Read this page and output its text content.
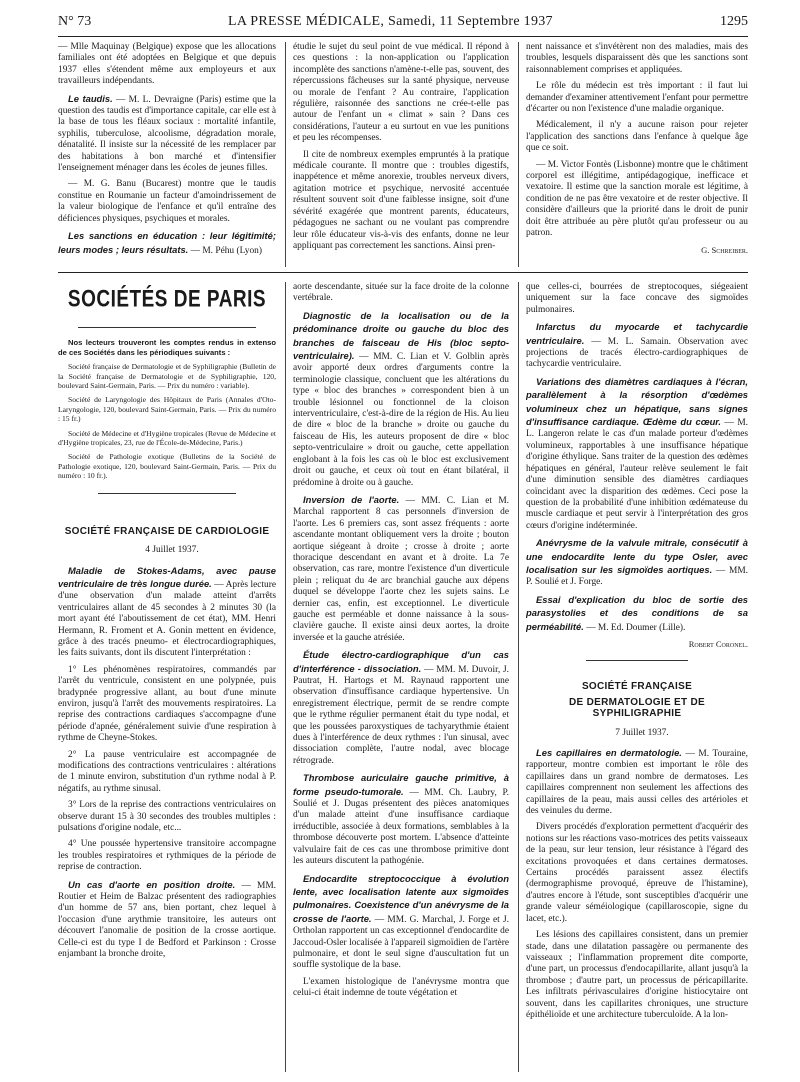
N° 73	LA PRESSE MÉDICALE, Samedi, 11 Septembre 1937	1295

— Mlle Maquinay (Belgique) expose que les allocations familiales ont été adoptées en Belgique et que depuis 1937 elles s'étendent même aux employeurs et aux travailleurs indépendants.

Le taudis. — M. L. Devraigne (Paris) estime que la question des taudis est d'importance capitale, car elle est à la base de tous les fléaux sociaux : mortalité infantile, syphilis, tuberculose, alcoolisme, dégradation morale, dénatalité. Il insiste sur la nécessité de les remplacer par des habitations à bon marché et d'intensifier l'enseignement ménager dans les écoles de jeunes filles.

— M. G. Banu (Bucarest) montre que le taudis constitue en Roumanie un facteur d'amoindrissement de la valeur biologique de l'enfance et qu'il entraîne des déficiences physiques, psychiques et morales.

Les sanctions en éducation : leur légitimité; leurs modes ; leurs résultats. — M. Péhu (Lyon)

étudie le sujet du seul point de vue médical. Il répond à ces questions : la non-application ou l'application incomplète des sanctions n'amène-t-elle pas, souvent, des répercussions fâcheuses sur la santé physique, nerveuse ou morale de l'enfant ? Au contraire, l'application régulière, raisonnée des sanctions ne crée-t-elle pas autour de l'enfant un « climat » sain ? Dans ces considérations, l'auteur a eu surtout en vue les punitions et peu les récompenses.

Il cite de nombreux exemples empruntés à la pratique médicale courante. Il montre que : troubles digestifs, inappétence et même anorexie, troubles nerveux divers, agitation motrice et psychique, nervosité accentuée résultent souvent soit d'une faiblesse insigne, soit d'une sévérité exagérée que montrent parents, éducateurs, pédagogues ne sachant ou ne voulant pas comprendre leur rôle éducateur vis-à-vis des enfants, donne ne leur appliquant pas correctement les sanctions. Ainsi pren-

nent naissance et s'invétèrent non des maladies, mais des troubles, lesquels disparaissent dès que les sanctions sont raisonnablement comprises et appliquées.

Le rôle du médecin est très important : il faut lui demander d'examiner attentivement l'enfant pour permettre d'écarter ou non l'existence d'une maladie organique.

Médicalement, il n'y a aucune raison pour rejeter l'application des sanctions dans l'enfance à quelque âge que ce soit.

— M. Victor Fontès (Lisbonne) montre que le châtiment corporel est illégitime, antipédagogique, inefficace et vexatoire. Il estime que la sanction morale est légitime, à condition de ne pas être vexatoire et de rester objective. Il considère d'ailleurs que la priorité dans le droit de punir doit être attribuée au père plutôt qu'au professeur ou au patron.

G. Schreiber.

SOCIÉTÉS DE PARIS

Nos lecteurs trouveront les comptes rendus in extenso de ces Sociétés dans les périodiques suivants :

Société française de Dermatologie et de Syphiligraphie (Bulletin de la Société française de Dermatologie et de Syphiligraphie, 120, boulevard Saint-Germain, Paris. — Prix du numéro : variable).

Société de Laryngologie des Hôpitaux de Paris (Annales d'Oto-Laryngologie, 120, boulevard Saint-Germain, Paris. — Prix du numéro : 15 fr.)

Société de Médecine et d'Hygiène tropicales (Revue de Médecine et d'Hygiène tropicales, 23, rue de l'École-de-Médecine, Paris.)

Société de Pathologie exotique (Bulletins de la Société de Pathologie exotique, 120, boulevard Saint-Germain, Paris. — Prix du numéro : 10 fr.).

SOCIÉTÉ FRANÇAISE DE CARDIOLOGIE

4 Juillet 1937.

Maladie de Stokes-Adams, avec pause ventriculaire de très longue durée. — Après lecture d'une observation d'un malade atteint d'arrêts ventriculaires allant de 45 secondes à 2 minutes 30 (la mort ayant été l'aboutissement de cet état), MM. Henri Hermann, R. Froment et A. Gonin mettent en évidence, grâce à des tracés pneumo- et électrocardiographiques, les faits suivants, dont ils discutent l'interprétation :

1° Les phénomènes respiratoires, commandés par l'arrêt du ventricule, consistent en une polypnée, puis bradypnée progressive allant, au bout d'une minute environ, jusqu'à l'arrêt des mouvements respiratoires. La reprise des contractions cardiaques s'accompagne d'une période d'apnée, généralement suivie d'une respiration à rythme de Cheyne-Stokes.

2° La pause ventriculaire est accompagnée de modifications des contractions ventriculaires : altérations de 1 minute environ, substitution d'un rythme nodal à P. négatifs, au rythme sinusal.

3° Lors de la reprise des contractions ventriculaires on observe durant 15 à 30 secondes des troubles multiples : pulsations d'origine nodale, etc...

4° Une poussée hypertensive transitoire accompagne les troubles respiratoires et rythmiques de la période de reprise de contraction.

Un cas d'aorte en position droite. — MM. Routier et Heim de Balzac présentent des radiographies d'un homme de 57 ans, bien portant, chez lequel à l'occasion d'une arythmie transitoire, les auteurs ont découvert l'anomalie de position de la crosse aortique. Celle-ci est du type I de Bedford et Parkinson : Crosse enjambant la bronche droite,

aorte descendante, située sur la face droite de la colonne vertébrale.

Diagnostic de la localisation ou de la prédominance droite ou gauche du bloc des branches de faisceau de His (bloc septo-ventriculaire). — MM. C. Lian et V. Golblin après avoir apporté deux ordres d'arguments contre la terminologie classique, concluent que les altérations du type « bloc des branches » correspondent bien à un trouble lésionnel ou fonctionnel de la cloison interventriculaire, c'est-à-dire de la région de His. Au lieu de dire « bloc de la branche » droite ou gauche du faisceau de His, les auteurs proposent de dire « bloc septo-ventriculaire » droit ou gauche, cette appellation englobant à la fois les cas où le bloc est exclusivement droit ou gauche, et ceux où tout en étant bilatéral, il prédomine à droite ou à gauche.

Inversion de l'aorte. — MM. C. Lian et M. Marchal rapportent 8 cas personnels d'inversion de l'aorte. Les 6 premiers cas, sont assez fréquents : aorte ascendante montant obliquement vers la droite ; bouton aortique siégeant à droite ; crosse à droite ; aorte thoracique descendant en avant et à droite. La 7e observation, cas rare, montre l'existence d'un diverticule plein ; reliquat du 4e arc branchial gauche aux dépens duquel se développe l'aorte chez les sujets sains. Le dernier cas, enfin, est exceptionnel. Le diverticule gauche est perméable et donne naissance à la sous-clavière gauche. Il existe ainsi deux aortes, la droite inversée et la gauche atrésiée.

Étude électro-cardiographique d'un cas d'interférence - dissociation. — MM. M. Duvoir, J. Pautrat, H. Hartogs et M. Raynaud rapportent une observation d'insuffisance cardiaque hypertensive. Un enregistrement électrique, permit de se rendre compte que le rythme régulier permanent était du type nodal, et que les poussées paroxystiques de tachyarythmie étaient dues à l'interférence de deux rythmes : l'un sinusal, avec dissociation complète, l'autre nodal, avec blocage rétrograde.

Thrombose auriculaire gauche primitive, à forme pseudo-tumorale. — MM. Ch. Laubry, P. Soulié et J. Dugas présentent des pièces anatomiques d'un malade atteint d'une insuffisance cardiaque irréductible, associée à deux formations, semblables à la thrombose découverte post mortem. L'absence d'atteinte valvulaire fait de ces cas une thrombose primitive dont les auteurs discutent la pathogénie.

Endocardite streptococcique à évolution lente, avec localisation latente aux sigmoïdes pulmonaires. Coexistence d'un anévrysme de la crosse de l'aorte. — MM. G. Marchal, J. Forge et J. Ortholan rapportent un cas exceptionnel d'endocardite de Jaccoud-Osler localisée à l'appareil sigmoïdien de l'artère pulmonaire, et dont le seul signe d'auscultation fut un souffle systolique de la base.

L'examen histologique de l'anévrysme montra que celui-ci était indemne de toute végétation et

que celles-ci, bourrées de streptocoques, siégeaient uniquement sur la face concave des sigmoïdes pulmonaires.

Infarctus du myocarde et tachycardie ventriculaire. — M. L. Samain. Observation avec projections de tracés électro-cardiographiques de tachycardie ventriculaire.

Variations des diamètres cardiaques à l'écran, parallèlement à la résorption d'œdèmes volumineux chez un hépatique, sans signes d'insuffisance cardiaque. Œdème du cœur. — M. L. Langeron relate le cas d'un malade porteur d'œdèmes volumineux, rapportables à une insuffisance hépatique d'origine éthylique. Sans traiter de la question des œdèmes hépatiques en général, l'auteur relève seulement le fait d'une diminution sensible des diamètres cardiaques coïncidant avec la disparition des œdèmes. Ceci pose la question de la probabilité d'une inhibition œdémateuse du muscle cardiaque et peut servir à l'interprétation des gros cœurs d'origine indéterminée.

Anévrysme de la valvule mitrale, consécutif à une endocardite lente du type Osler, avec localisation sur les sigmoïdes aortiques. — MM. P. Soulié et J. Forge.

Essai d'explication du bloc de sortie des parasystolies et des conditions de sa perméabilité. — M. Ed. Doumer (Lille).

Robert Coronel.

SOCIÉTÉ FRANÇAISE
DE DERMATOLOGIE ET DE SYPHILIGRAPHIE

7 Juillet 1937.

Les capillaires en dermatologie. — M. Touraine, rapporteur, montre combien est important le rôle des capillaires dans un grand nombre de dermatoses. Les capillaires comprennent non seulement les affections des capillaires de la peau, mais aussi celles des artérioles et des veinules du derme.

Divers procédés d'exploration permettent d'acquérir des notions sur les réactions vaso-motrices des petits vaisseaux de la peau, sur leur tension, leur résistance à l'égard des excitations provoquées et dans certaines dermatoses. Certains procédés paraissent assez électifs (dermographisme provoqué, épreuve de l'histamine), d'autres encore à l'étude, sont susceptibles d'acquérir une grande valeur séméiologique (capillaroscopie, signe du lacet, etc.).

Les lésions des capillaires consistent, dans un premier stade, dans une dilatation passagère ou permanente des vaisseaux ; l'inflammation proprement dite comporte, d'une part, un processus d'endocapillarite, allant jusqu'à la thrombose ; d'autre part, un processus de péricapillarite. Les infiltrats périvasculaires d'origine histiocytaire ont souvent, dans les capillarites chroniques, une structure épithélioïde et une architecture tuberculoïde. A la lon-
